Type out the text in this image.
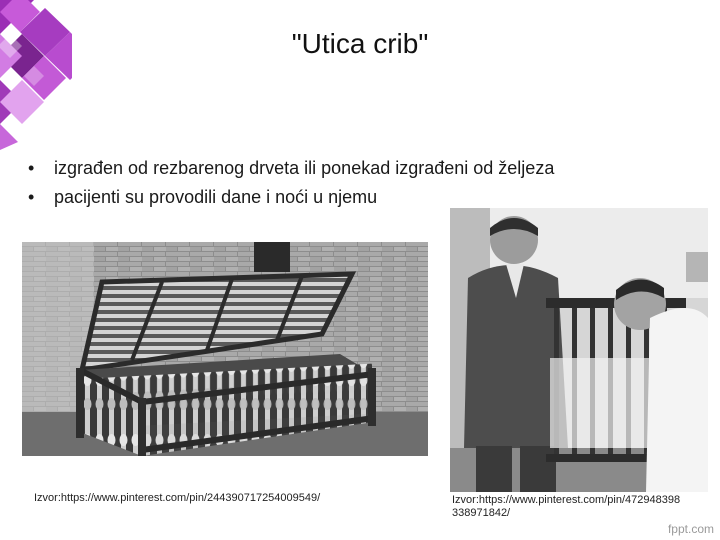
"Utica crib"
• izgrađen od rezbarenog drveta ili ponekad izgrađeni od željeza
• pacijenti su provodili dane i noći u njemu
Izvor:https://www.pinterest.com/pin/244390717254009549/	Izvor:https://www.pinterest.com/pin/472948398338971842/
fppt.com
